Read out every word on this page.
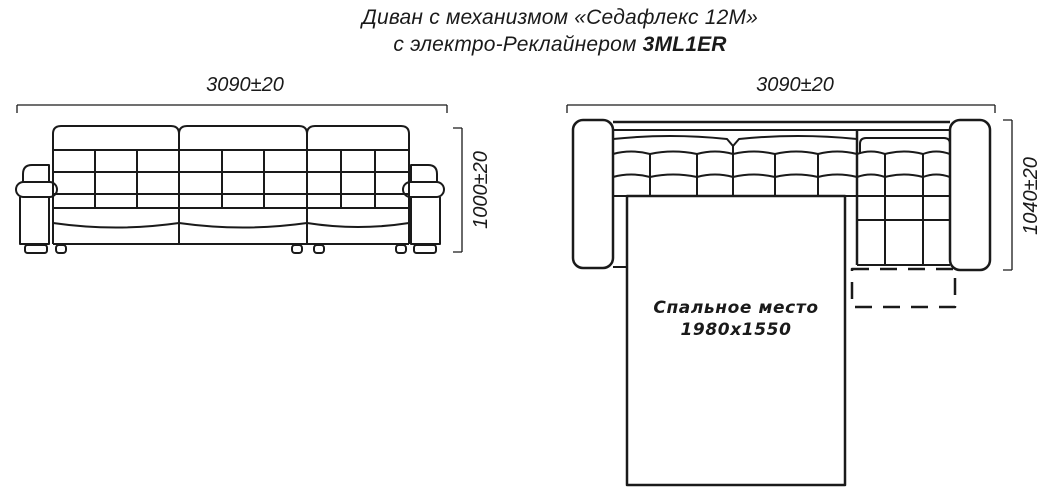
Диван с механизмом «Седафлекс 12М»
с электро-Реклайнером 3ML1ER
3090±20
1000±20
3090±20
1040±20
Спальное место
1980x1550
